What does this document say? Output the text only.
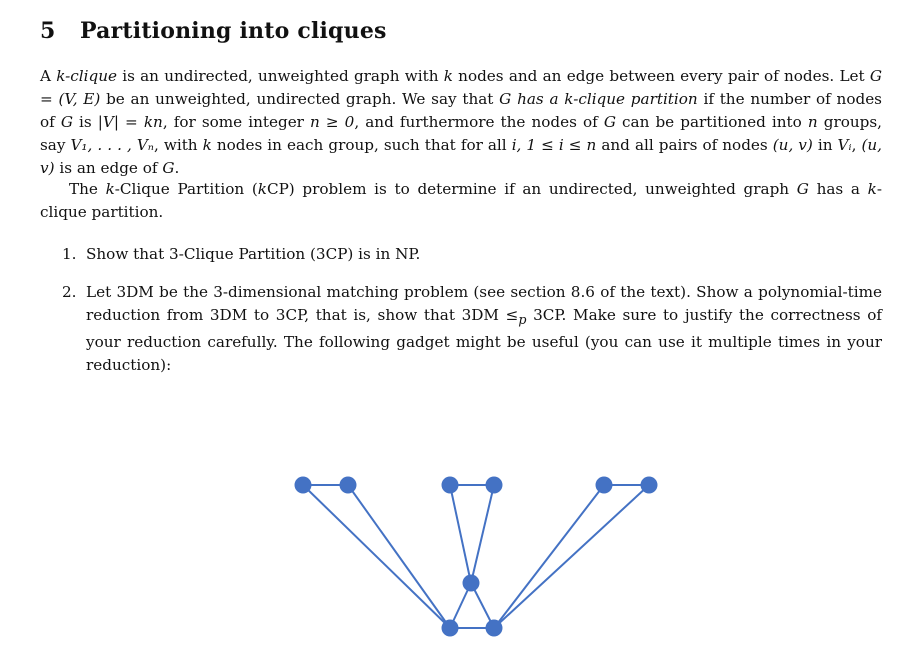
5 Partitioning into cliques
A k-clique is an undirected, unweighted graph with k nodes and an edge between every pair of nodes. Let G = (V, E) be an unweighted, undirected graph. We say that G has a k-clique partition if the number of nodes of G is |V| = kn, for some integer n ≥ 0, and furthermore the nodes of G can be partitioned into n groups, say V₁, . . . , Vₙ, with k nodes in each group, such that for all i, 1 ≤ i ≤ n and all pairs of nodes (u, v) in Vᵢ, (u, v) is an edge of G.
The k-Clique Partition (kCP) problem is to determine if an undirected, unweighted graph G has a k-clique partition.
1. Show that 3-Clique Partition (3CP) is in NP.
2. Let 3DM be the 3-dimensional matching problem (see section 8.6 of the text). Show a polynomial-time reduction from 3DM to 3CP, that is, show that $3DM \le_p$ 3CP. Make sure to justify the correctness of your reduction carefully. The following gadget might be useful (you can use it multiple times in your reduction):
